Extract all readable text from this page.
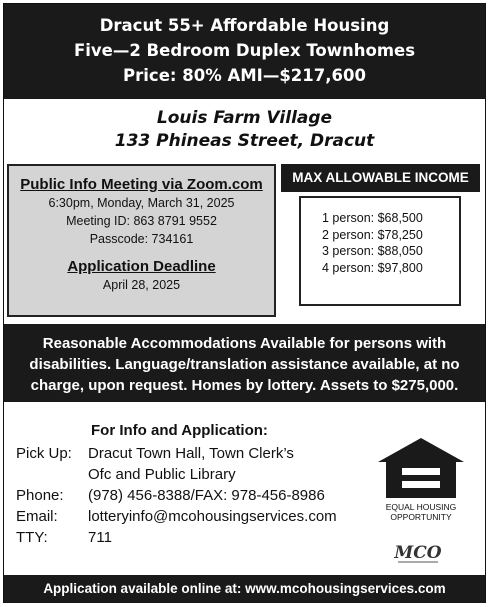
Dracut 55+ Affordable Housing
Five—2 Bedroom Duplex Townhomes
Price: 80% AMI—$217,600
Louis Farm Village
133 Phineas Street, Dracut
Public Info Meeting via Zoom.com
6:30pm, Monday, March 31, 2025
Meeting ID: 863 8791 9552
Passcode: 734161
Application Deadline
April 28, 2025
MAX ALLOWABLE INCOME
1 person: $68,500
2 person: $78,250
3 person: $88,050
4 person: $97,800
Reasonable Accommodations Available for persons with
disabilities. Language/translation assistance available, at no
charge, upon request. Homes by lottery. Assets to $275,000.
For Info and Application:
Pick Up:	Dracut Town Hall, Town Clerk’s
Ofc and Public Library
Phone:	(978) 456-8388/FAX: 978-456-8986
Email:	lotteryinfo@mcohousingservices.com
TTY:	711
EQUAL HOUSING
OPPORTUNITY
MCO
Application available online at: www.mcohousingservices.com
